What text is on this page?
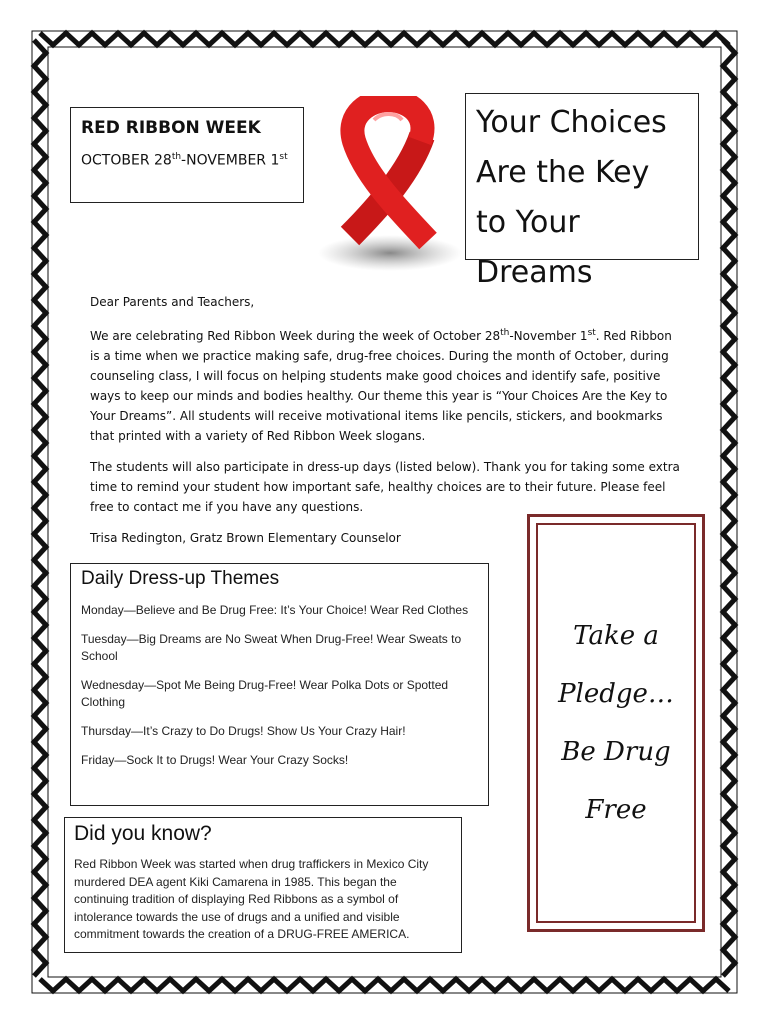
RED RIBBON WEEK
OCTOBER 28th-NOVEMBER 1st
Your Choices Are the Key to Your Dreams

Dear Parents and Teachers,

We are celebrating Red Ribbon Week during the week of October 28th-November 1st. Red Ribbon is a time when we practice making safe, drug-free choices. During the month of October, during counseling class, I will focus on helping students make good choices and identify safe, positive ways to keep our minds and bodies healthy. Our theme this year is “Your Choices Are the Key to Your Dreams”. All students will receive motivational items like pencils, stickers, and bookmarks that printed with a variety of Red Ribbon Week slogans.

The students will also participate in dress-up days (listed below). Thank you for taking some extra time to remind your student how important safe, healthy choices are to their future. Please feel free to contact me if you have any questions.

Trisa Redington, Gratz Brown Elementary Counselor

Daily Dress-up Themes
Monday—Believe and Be Drug Free: It’s Your Choice! Wear Red Clothes
Tuesday—Big Dreams are No Sweat When Drug-Free! Wear Sweats to School
Wednesday—Spot Me Being Drug-Free! Wear Polka Dots or Spotted Clothing
Thursday—It’s Crazy to Do Drugs! Show Us Your Crazy Hair!
Friday—Sock It to Drugs! Wear Your Crazy Socks!
Did you know?

Red Ribbon Week was started when drug traffickers in Mexico City murdered DEA agent Kiki Camarena in 1985. This began the continuing tradition of displaying Red Ribbons as a symbol of intolerance towards the use of drugs and a unified and visible commitment towards the creation of a DRUG-FREE AMERICA.

Take a Pledge…Be Drug Free
